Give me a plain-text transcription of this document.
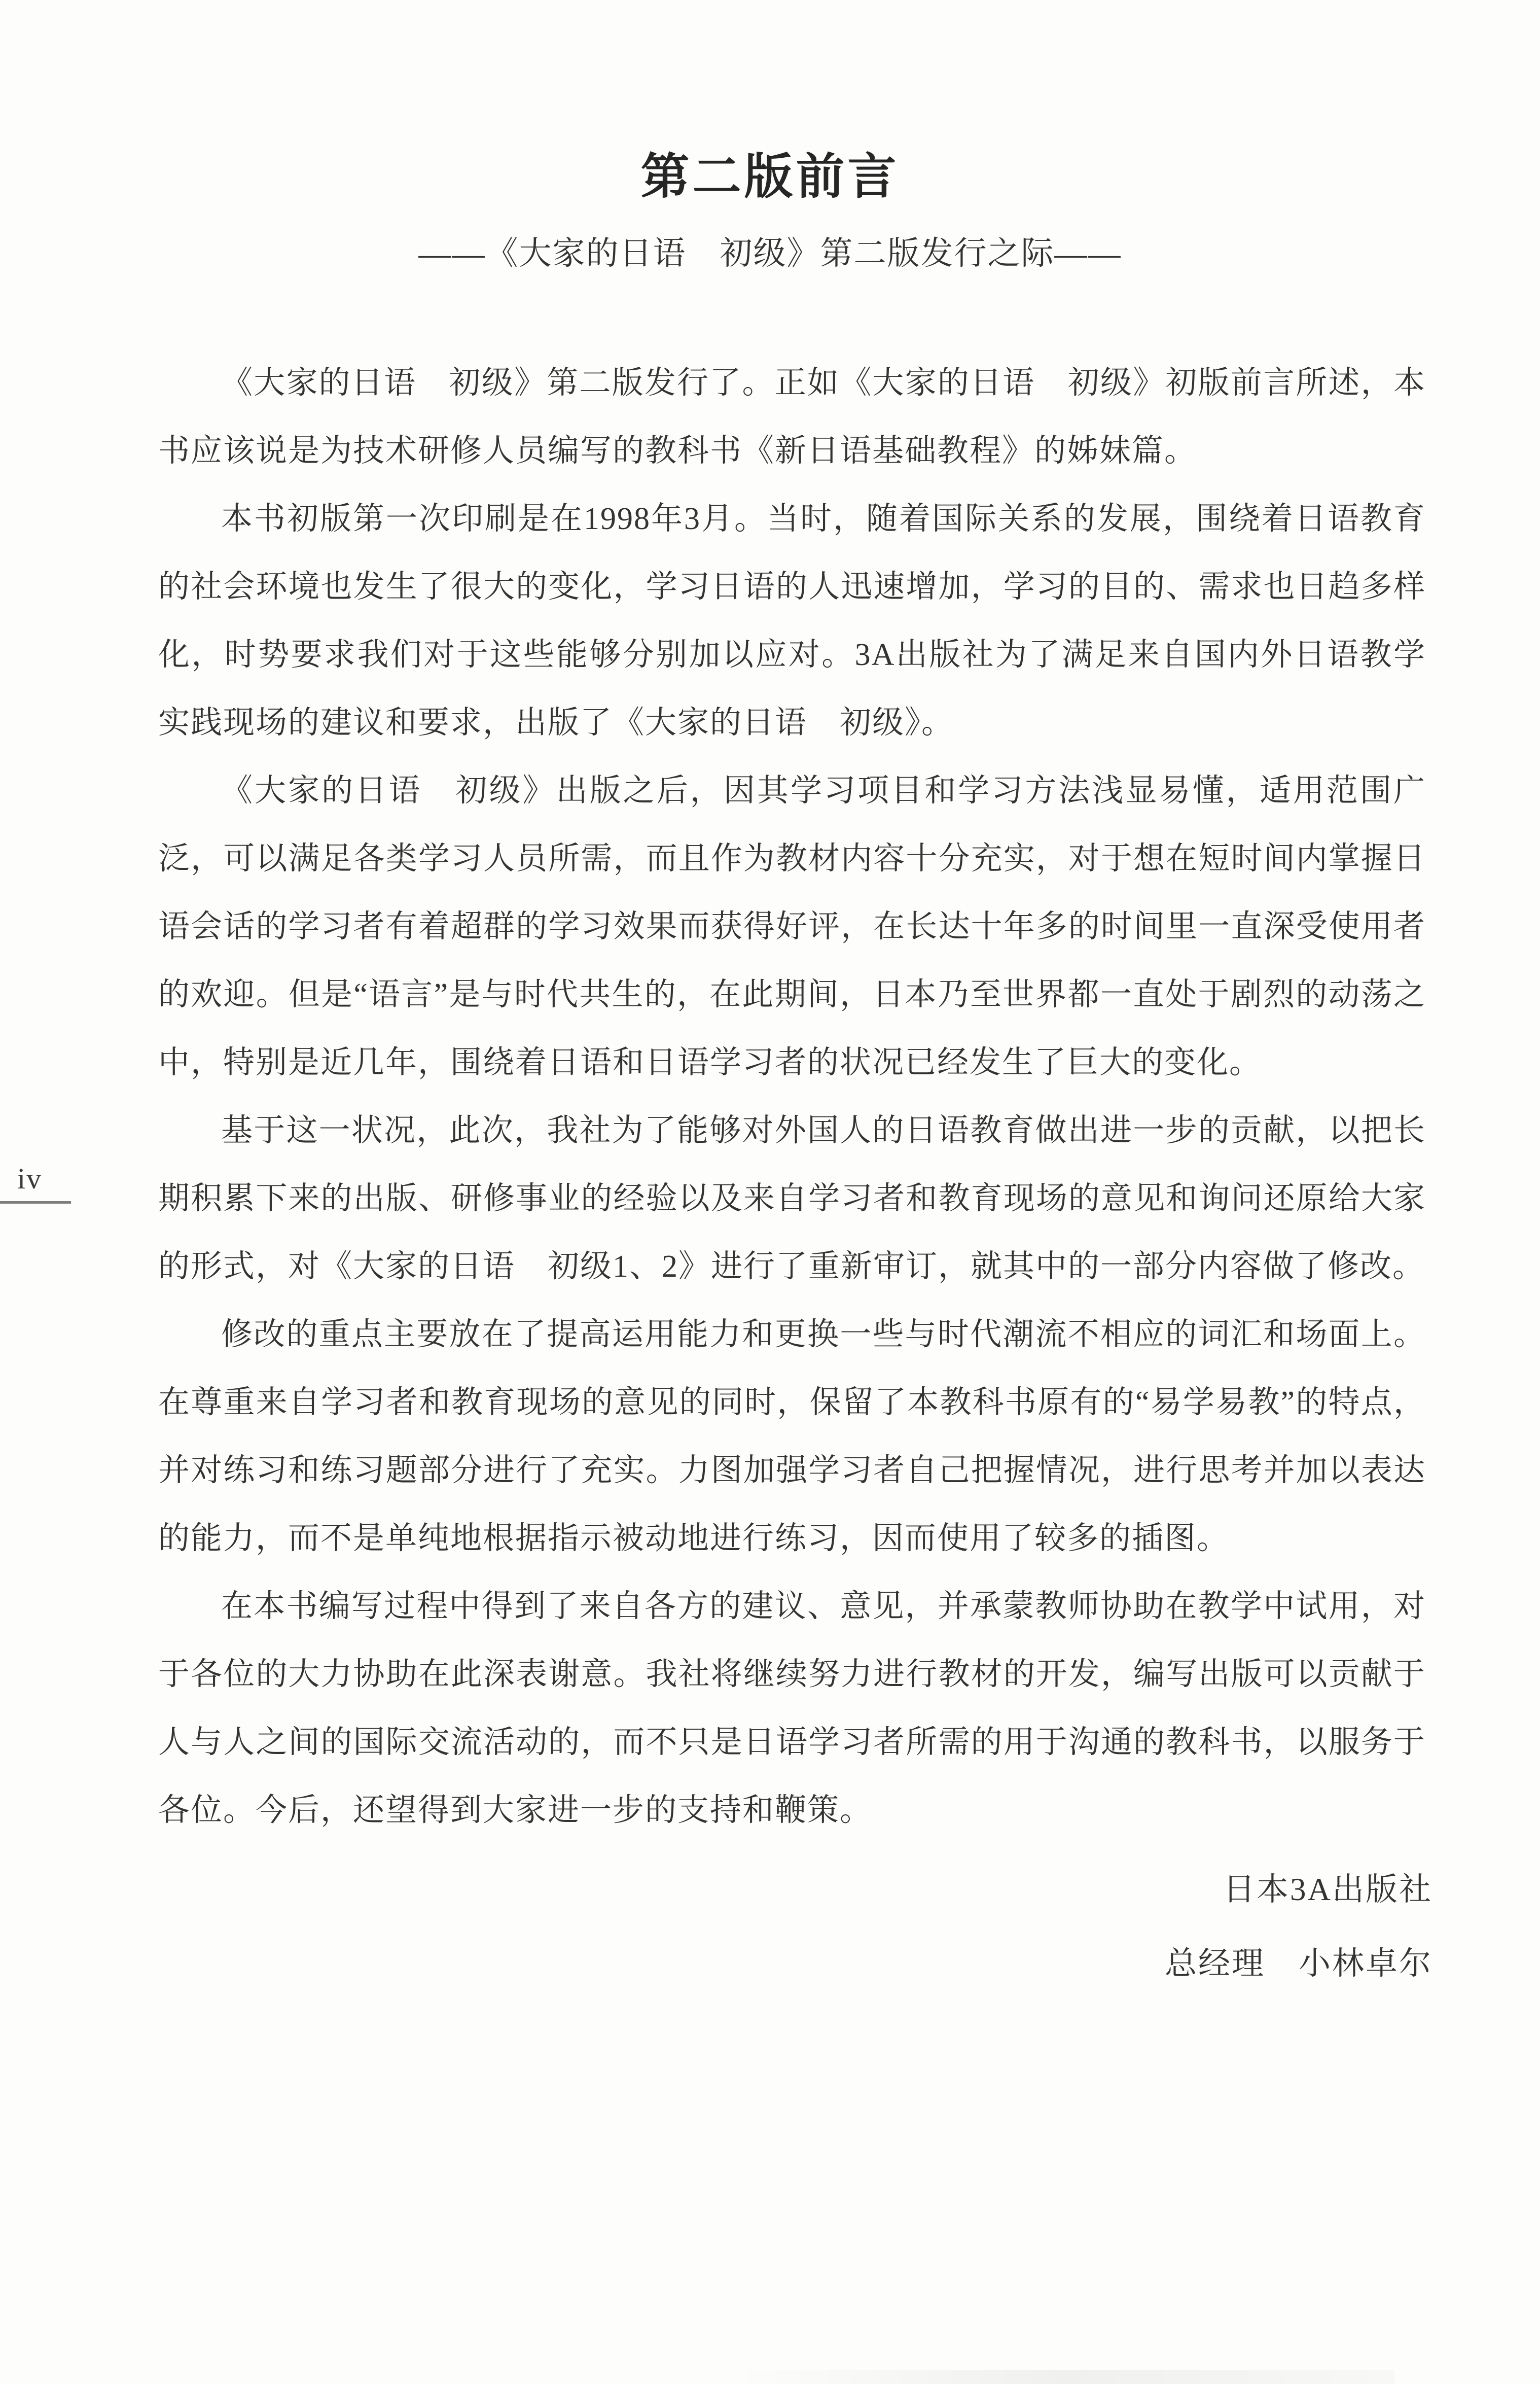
第二版前言
——《大家的日语　初级》第二版发行之际——

《大家的日语　初级》第二版发行了。正如《大家的日语　初级》初版前言所述，本书应该说是为技术研修人员编写的教科书《新日语基础教程》的姊妹篇。

本书初版第一次印刷是在1998年3月。当时，随着国际关系的发展，围绕着日语教育的社会环境也发生了很大的变化，学习日语的人迅速增加，学习的目的、需求也日趋多样化，时势要求我们对于这些能够分别加以应对。3A出版社为了满足来自国内外日语教学实践现场的建议和要求，出版了《大家的日语　初级》。

《大家的日语　初级》出版之后，因其学习项目和学习方法浅显易懂，适用范围广泛，可以满足各类学习人员所需，而且作为教材内容十分充实，对于想在短时间内掌握日语会话的学习者有着超群的学习效果而获得好评，在长达十年多的时间里一直深受使用者的欢迎。但是“语言”是与时代共生的，在此期间，日本乃至世界都一直处于剧烈的动荡之中，特别是近几年，围绕着日语和日语学习者的状况已经发生了巨大的变化。

基于这一状况，此次，我社为了能够对外国人的日语教育做出进一步的贡献，以把长期积累下来的出版、研修事业的经验以及来自学习者和教育现场的意见和询问还原给大家的形式，对《大家的日语　初级1、2》进行了重新审订，就其中的一部分内容做了修改。

修改的重点主要放在了提高运用能力和更换一些与时代潮流不相应的词汇和场面上。在尊重来自学习者和教育现场的意见的同时，保留了本教科书原有的“易学易教”的特点，并对练习和练习题部分进行了充实。力图加强学习者自己把握情况，进行思考并加以表达的能力，而不是单纯地根据指示被动地进行练习，因而使用了较多的插图。

在本书编写过程中得到了来自各方的建议、意见，并承蒙教师协助在教学中试用，对于各位的大力协助在此深表谢意。我社将继续努力进行教材的开发，编写出版可以贡献于人与人之间的国际交流活动的，而不只是日语学习者所需的用于沟通的教科书，以服务于各位。今后，还望得到大家进一步的支持和鞭策。

iv
日本3A出版社
总经理　小林卓尔
